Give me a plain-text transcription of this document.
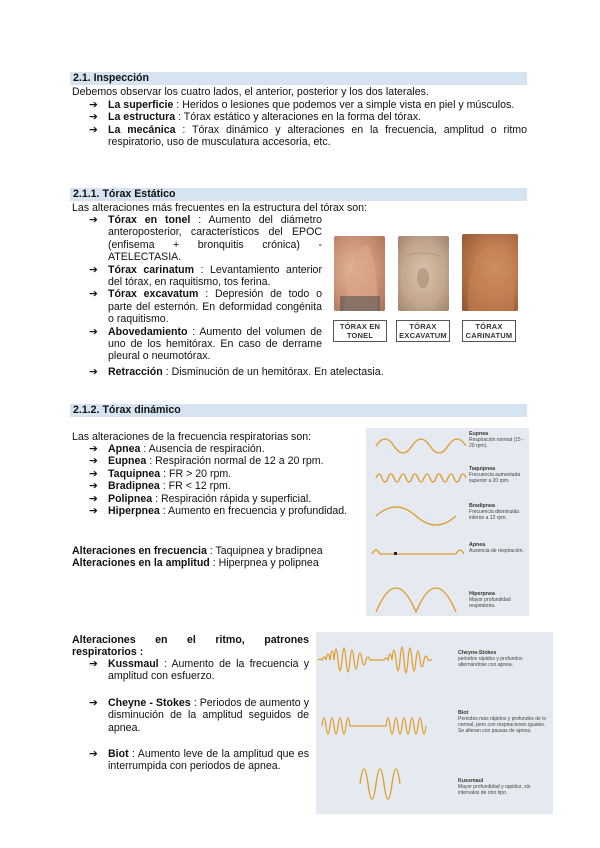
2.1. Inspección
Debemos observar los cuatro lados, el anterior, posterior y los dos laterales.
➔ La superficie : Heridos o lesiones que podemos ver a simple vista en piel y músculos.
➔ La estructura : Tórax estático y alteraciones en la forma del tórax.
➔ La mecánica : Tórax dinámico y alteraciones en la frecuencia, amplitud o ritmo respiratorio, uso de musculatura accesoria, etc.
2.1.1. Tórax Estático
Las alteraciones más frecuentes en la estructura del tórax son:
➔ Tórax en tonel : Aumento del diámetro anteroposterior, característicos del EPOC (enfisema + bronquitis crónica) - ATELECTASIA.
➔ Tórax carinatum : Levantamiento anterior del tórax, en raquitismo, tos ferina.
➔ Tórax excavatum : Depresión de todo o parte del esternón. En deformidad congénita o raquitismo.
➔ Abovedamiento : Aumento del volumen de uno de los hemitórax. En caso de derrame pleural o neumotórax.
➔ Retracción : Disminución de un hemitórax. En atelectasia.
TÓRAX EN TONEL
TÓRAX EXCAVATUM
TÓRAX CARINATUM
2.1.2. Tórax dinámico
Las alteraciones de la frecuencia respiratorias son:
➔ Apnea : Ausencia de respiración.
➔ Eupnea : Respiración normal de 12 a 20 rpm.
➔ Taquipnea : FR > 20 rpm.
➔ Bradipnea : FR < 12 rpm.
➔ Polipnea : Respiración rápida y superficial.
➔ Hiperpnea : Aumento en frecuencia y profundidad.
Alteraciones en frecuencia : Taquipnea y bradipnea
Alteraciones en la amplitud : Hiperpnea y polipnea
Eupnea
Respiración normal (15 - 20 rpm).
Taquipnea
Frecuencia aumentada superior a 20 rpm.
Bradipnea
Frecuencia disminuida inferior a 12 rpm.
Apnea
Ausencia de respiración.
Hiperpnea
Mayor profundidad respiratoria.
Alteraciones en el ritmo, patrones respiratorios :
➔ Kussmaul : Aumento de la frecuencia y amplitud con esfuerzo.
➔ Cheyne - Stokes : Periodos de aumento y disminución de la amplitud seguidos de apnea.
➔ Biot : Aumento leve de la amplitud que es interrumpida con periodos de apnea.
Cheyne-Stokes
periodos rápidos y profundos alternándose con apnea.
Biot
Periodos más rápidos y profundos de lo normal, pero con respiraciones iguales. Se alteran con pausas de apnea.
Kussmaul
Mayor profundidad y rapidez, sin intervalos de otro tipo.
